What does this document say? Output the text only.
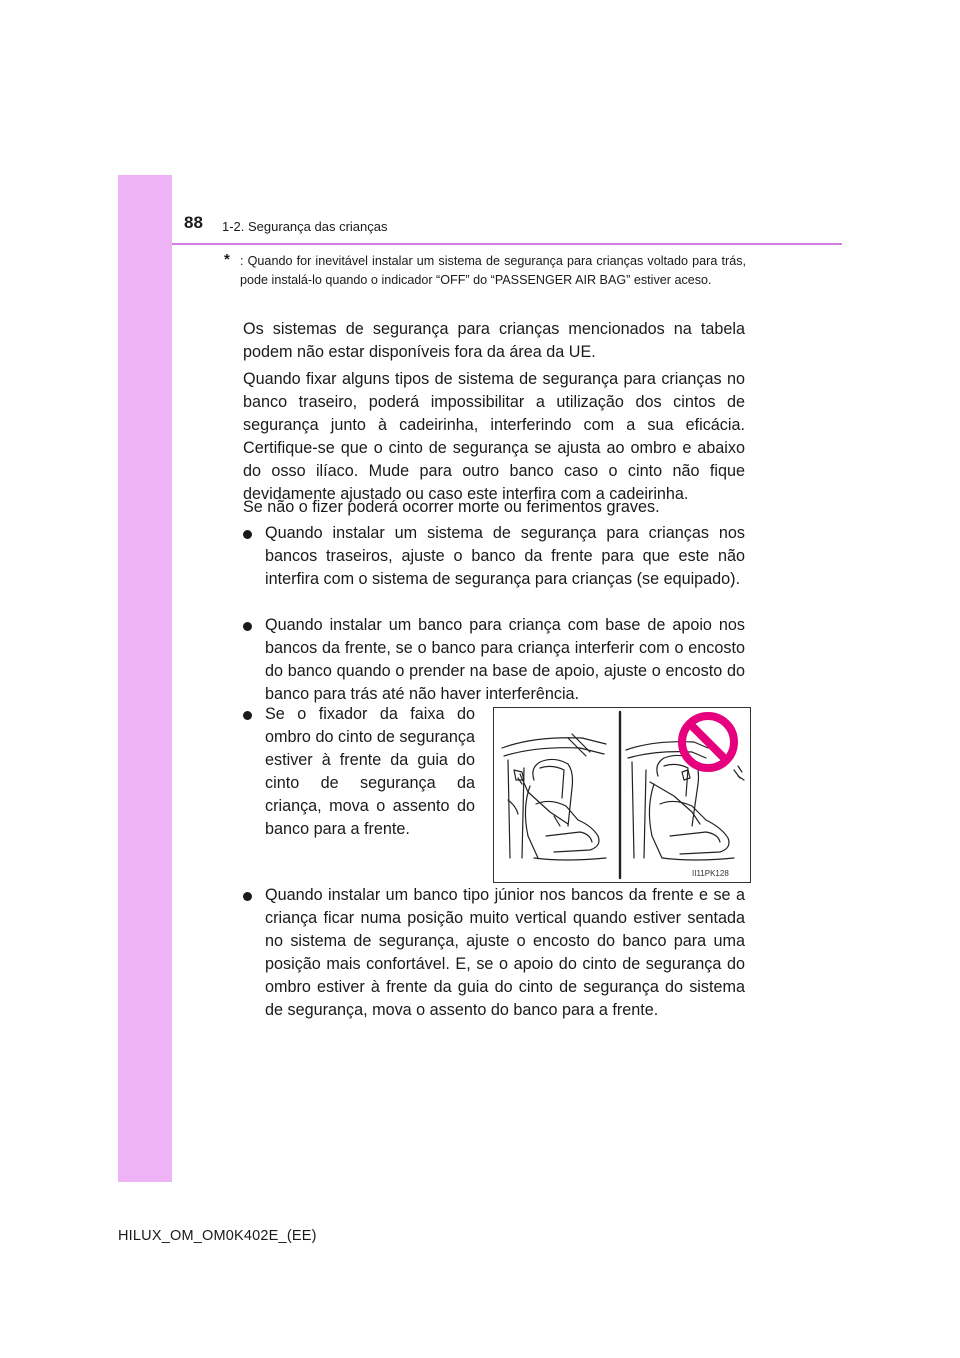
88 1-2. Segurança das crianças
* : Quando for inevitável instalar um sistema de segurança para crianças voltado para trás, pode instalá-lo quando o indicador “OFF” do “PASSENGER AIR BAG” estiver aceso.

Os sistemas de segurança para crianças mencionados na tabela podem não estar disponíveis fora da área da UE.

Quando fixar alguns tipos de sistema de segurança para crianças no banco traseiro, poderá impossibilitar a utilização dos cintos de segurança junto à cadeirinha, interferindo com a sua eficácia. Certifique-se que o cinto de segurança se ajusta ao ombro e abaixo do osso ilíaco. Mude para outro banco caso o cinto não fique devidamente ajustado ou caso este interfira com a cadeirinha.

Se não o fizer poderá ocorrer morte ou ferimentos graves.

Quando instalar um sistema de segurança para crianças nos bancos traseiros, ajuste o banco da frente para que este não interfira com o sistema de segurança para crianças (se equipado).
Quando instalar um banco para criança com base de apoio nos bancos da frente, se o banco para criança interferir com o encosto do banco quando o prender na base de apoio, ajuste o encosto do banco para trás até não haver interferência.
Se o fixador da faixa do ombro do cinto de segurança estiver à frente da guia do cinto de segurança da criança, mova o assento do banco para a frente.
II11PK128
Quando instalar um banco tipo júnior nos bancos da frente e se a criança ficar numa posição muito vertical quando estiver sentada no sistema de segurança, ajuste o encosto do banco para uma posição mais confortável. E, se o apoio do cinto de segurança do ombro estiver à frente da guia do cinto de segurança do sistema de segurança, mova o assento do banco para a frente.
HILUX_OM_OM0K402E_(EE)
